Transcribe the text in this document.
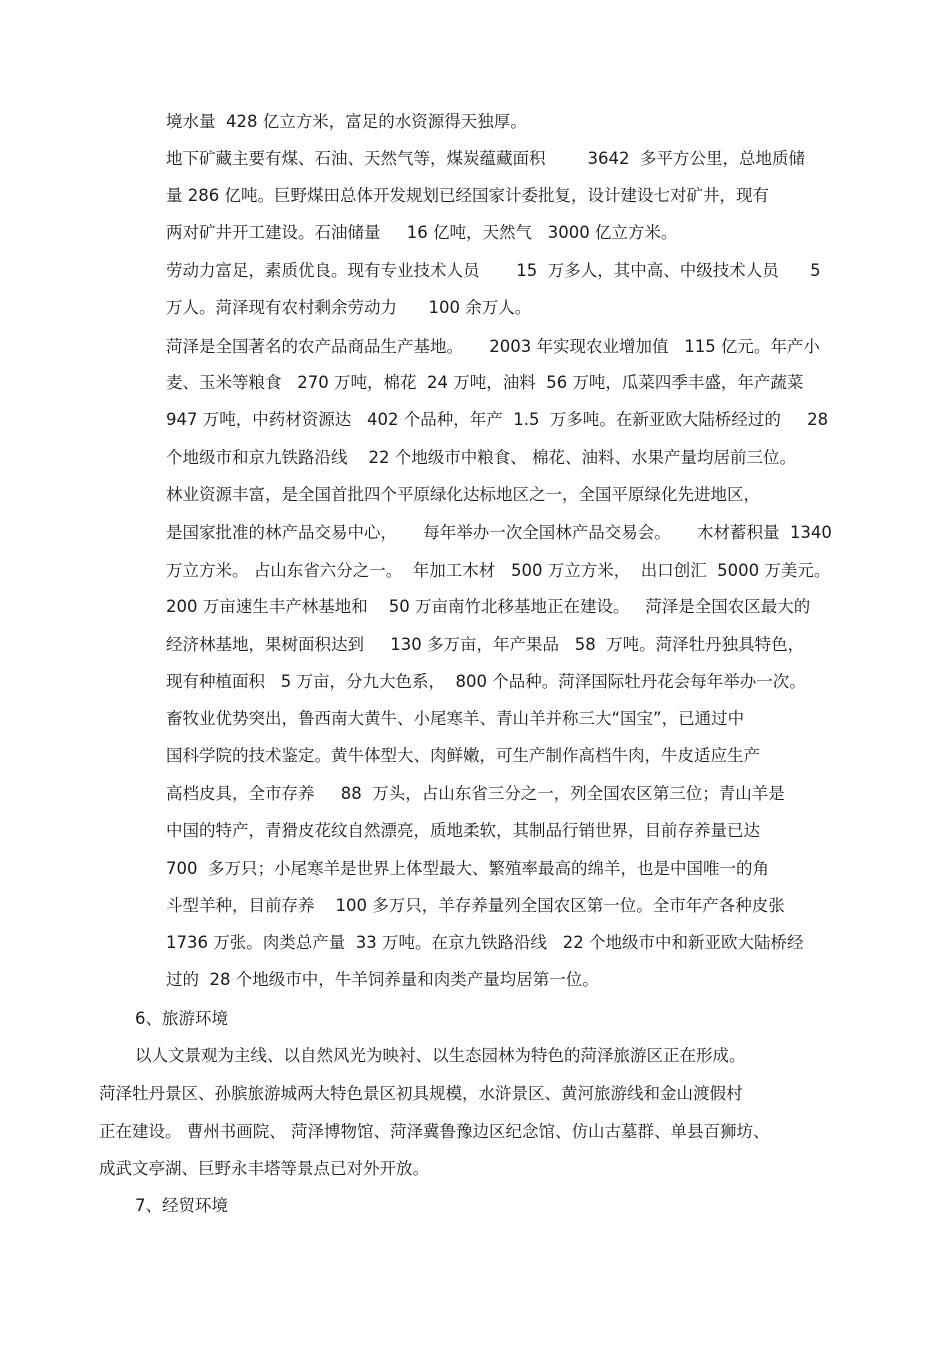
境水量  428 亿立方米，富足的水资源得天独厚。
地下矿藏主要有煤、石油、天然气等，煤炭蕴藏面积        3642  多平方公里，总地质储
量 286 亿吨。巨野煤田总体开发规划已经国家计委批复，设计建设七对矿井，现有
两对矿井开工建设。石油储量     16 亿吨，天然气   3000 亿立方米。
劳动力富足，素质优良。现有专业技术人员       15  万多人，其中高、中级技术人员      5
万人。菏泽现有农村剩余劳动力      100 余万人。
菏泽是全国著名的农产品商品生产基地。     2003 年实现农业增加值   115 亿元。年产小
麦、玉米等粮食   270 万吨，棉花  24 万吨，油料  56 万吨，瓜菜四季丰盛，年产蔬菜
947 万吨，中药材资源达   402 个品种，年产  1.5  万多吨。在新亚欧大陆桥经过的     28
个地级市和京九铁路沿线    22 个地级市中粮食、 棉花、油料、水果产量均居前三位。
林业资源丰富，是全国首批四个平原绿化达标地区之一，全国平原绿化先进地区，
是国家批准的林产品交易中心，     每年举办一次全国林产品交易会。     木材蓄积量  1340
万立方米。 占山东省六分之一。  年加工木材   500 万立方米，  出口创汇  5000 万美元。
200 万亩速生丰产林基地和    50 万亩南竹北移基地正在建设。   菏泽是全国农区最大的
经济林基地，果树面积达到     130 多万亩，年产果品   58  万吨。菏泽牡丹独具特色，
现有种植面积   5 万亩，分九大色系，  800 个品种。菏泽国际牡丹花会每年举办一次。
畜牧业优势突出，鲁西南大黄牛、小尾寒羊、青山羊并称三大“国宝”，已通过中
国科学院的技术鉴定。黄牛体型大、肉鲜嫩，可生产制作高档牛肉，牛皮适应生产
高档皮具，全市存养     88  万头，占山东省三分之一，列全国农区第三位；青山羊是
中国的特产，青猾皮花纹自然漂亮，质地柔软，其制品行销世界，目前存养量已达
700  多万只；小尾寒羊是世界上体型最大、繁殖率最高的绵羊，也是中国唯一的角
斗型羊种，目前存养    100 多万只，羊存养量列全国农区第一位。全市年产各种皮张
1736 万张。肉类总产量  33 万吨。在京九铁路沿线   22 个地级市中和新亚欧大陆桥经
过的  28 个地级市中，牛羊饲养量和肉类产量均居第一位。
6、旅游环境
以人文景观为主线、以自然风光为映衬、以生态园林为特色的菏泽旅游区正在形成。
菏泽牡丹景区、孙膑旅游城两大特色景区初具规模，水浒景区、黄河旅游线和金山渡假村
正在建设。 曹州书画院、 菏泽博物馆、菏泽冀鲁豫边区纪念馆、仿山古墓群、单县百狮坊、
成武文亭湖、巨野永丰塔等景点已对外开放。
7、经贸环境
